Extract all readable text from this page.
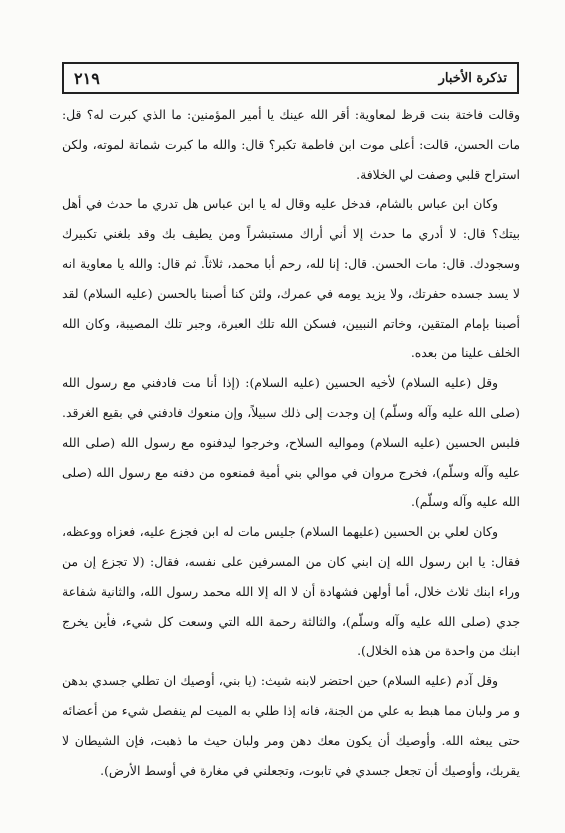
تذكرة الأخبار
٢١٩

وقالت فاختة بنت قرظ لمعاوية: أقر الله عينك يا أمير المؤمنين: ما الذي كبرت له؟ قل: مات الحسن، قالت: أعلى موت ابن فاطمة تكبر؟ قال: والله ما كبرت شماتة لموته، ولكن استراح قلبي وصفت لي الخلافة.

وكان ابن عباس بالشام، فدخل عليه وقال له يا ابن عباس هل تدري ما حدث في أهل بيتك؟ قال: لا أدري ما حدث إلا أني أراك مستبشراً ومن يطيف بك وقد بلغني تكبيرك وسجودك. قال: مات الحسن. قال: إنا لله، رحم أبا محمد، ثلاثاً. ثم قال: والله يا معاوية انه لا يسد جسده حفرتك، ولا يزيد يومه في عمرك، ولئن كنا أصبنا بالحسن (عليه السلام) لقد أصبنا بإمام المتقين، وخاتم النبيين، فسكن الله تلك العبرة، وجبر تلك المصيبة، وكان الله الخلف علينا من بعده.

وقل (عليه السلام) لأخيه الحسين (عليه السلام): (إذا أنا مت فادفني مع رسول الله (صلى الله عليه وآله وسلّم) إن وجدت إلى ذلك سبيلاً، وإن منعوك فادفني في بقيع الغرقد. فلبس الحسين (عليه السلام) ومواليه السلاح، وخرجوا ليدفنوه مع رسول الله (صلى الله عليه وآله وسلّم)، فخرج مروان في موالي بني أمية فمنعوه من دفنه مع رسول الله (صلى الله عليه وآله وسلّم).

وكان لعلي بن الحسين (عليهما السلام) جليس مات له ابن فجزع عليه، فعزاه ووعظه، فقال: يا ابن رسول الله إن ابني كان من المسرفين على نفسه، فقال: (لا تجزع إن من وراء ابنك ثلاث خلال، أما أولهن فشهادة أن لا اله إلا الله محمد رسول الله، والثانية شفاعة جدي (صلى الله عليه وآله وسلّم)، والثالثة رحمة الله التي وسعت كل شيء، فأين يخرج ابنك من واحدة من هذه الخلال).

وقل آدم (عليه السلام) حين احتضر لابنه شيث: (يا بني، أوصيك ان تطلي جسدي بدهن و مر ولبان مما هبط به علي من الجنة، فانه إذا طلي به الميت لم ينفصل شيء من أعضائه حتى يبعثه الله. وأوصيك أن يكون معك دهن ومر ولبان حيث ما ذهبت، فإن الشيطان لا يقربك، وأوصيك أن تجعل جسدي في تابوت، وتجعلني في مغارة في أوسط الأرض).
